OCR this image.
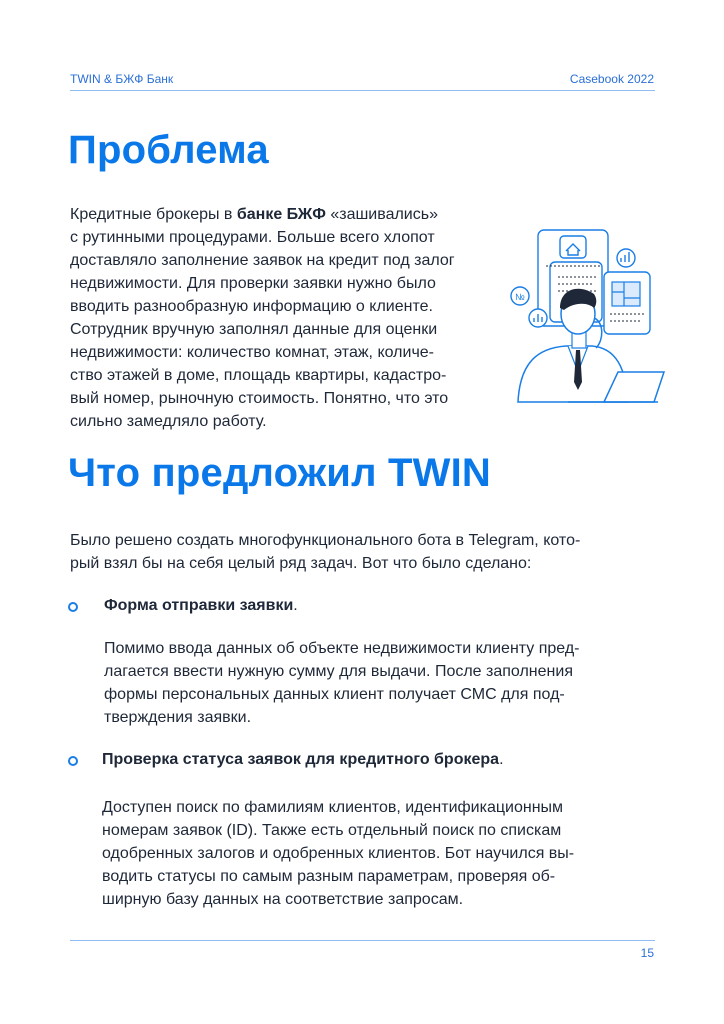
TWIN & БЖФ Банк	Casebook 2022
Проблема
Кредитные брокеры в банке БЖФ «зашивались»
с рутинными процедурами. Больше всего хлопот
доставляло заполнение заявок на кредит под залог
недвижимости. Для проверки заявки нужно было
вводить разнообразную информацию о клиенте.
Сотрудник вручную заполнял данные для оценки
недвижимости: количество комнат, этаж, количе-
ство этажей в доме, площадь квартиры, кадастро-
вый номер, рыночную стоимость. Понятно, что это
сильно замедляло работу.
№
Что предложил TWIN
Было решено создать многофункционального бота в Telegram, кото-
рый взял бы на себя целый ряд задач. Вот что было сделано:
Форма отправки заявки.
Помимо ввода данных об объекте недвижимости клиенту пред-
лагается ввести нужную сумму для выдачи. После заполнения
формы персональных данных клиент получает СМС для под-
тверждения заявки.
Проверка статуса заявок для кредитного брокера.
Доступен поиск по фамилиям клиентов, идентификационным
номерам заявок (ID). Также есть отдельный поиск по спискам
одобренных залогов и одобренных клиентов. Бот научился вы-
водить статусы по самым разным параметрам, проверяя об-
ширную базу данных на соответствие запросам.
15
